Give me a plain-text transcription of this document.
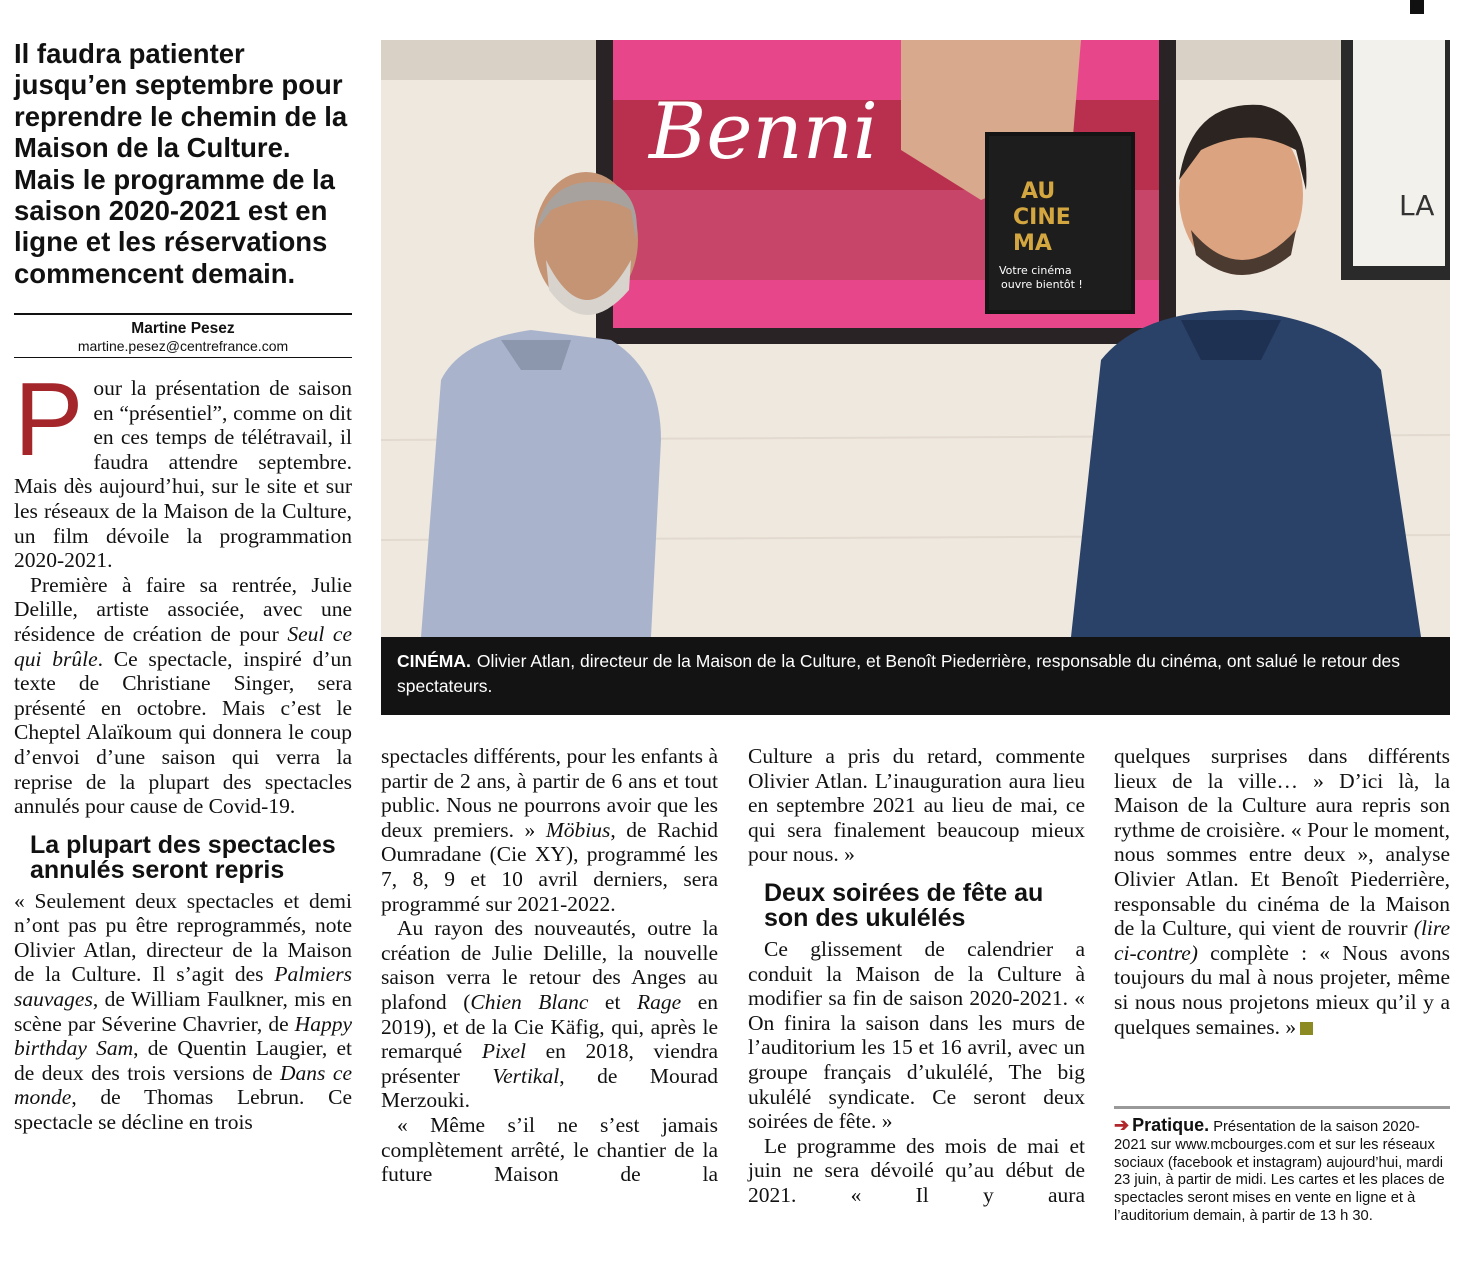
Il faudra patienter jusqu’en septembre pour reprendre le chemin de la Maison de la Culture. Mais le programme de la saison 2020-2021 est en ligne et les réservations commencent demain.

Martine Pesez
martine.pesez@centrefrance.com

Pour la présentation de saison en “présentiel”, comme on dit en ces temps de télétravail, il faudra attendre septembre. Mais dès aujourd’hui, sur le site et sur les réseaux de la Maison de la Culture, un film dévoile la programmation 2020-2021.

Première à faire sa rentrée, Julie Delille, artiste associée, avec une résidence de création de pour Seul ce qui brûle. Ce spectacle, inspiré d’un texte de Christiane Singer, sera présenté en octobre. Mais c’est le Cheptel Alaïkoum qui donnera le coup d’envoi d’une saison qui verra la reprise de la plupart des spectacles annulés pour cause de Covid-19.

La plupart des spectacles annulés seront repris

« Seulement deux spectacles et demi n’ont pas pu être reprogrammés, note Olivier Atlan, directeur de la Maison de la Culture. Il s’agit des Palmiers sauvages, de William Faulkner, mis en scène par Séverine Chavrier, de Happy birthday Sam, de Quentin Laugier, et de deux des trois versions de Dans ce monde, de Thomas Lebrun. Ce spectacle se décline en trois

Benni
AU
CINE
MA
Votre cinéma
ouvre bientôt !
LA
CINÉMA. Olivier Atlan, directeur de la Maison de la Culture, et Benoît Piederrière, responsable du cinéma, ont salué le retour des spectateurs.

spectacles différents, pour les enfants à partir de 2 ans, à partir de 6 ans et tout public. Nous ne pourrons avoir que les deux premiers. » Möbius, de Rachid Oumradane (Cie XY), programmé les 7, 8, 9 et 10 avril derniers, sera programmé sur 2021-2022.

Au rayon des nouveautés, outre la création de Julie Delille, la nouvelle saison verra le retour des Anges au plafond (Chien Blanc et Rage en 2019), et de la Cie Käfig, qui, après le remarqué Pixel en 2018, viendra présenter Vertikal, de Mourad Merzouki.

« Même s’il ne s’est jamais complètement arrêté, le chantier de la future Maison de la

Culture a pris du retard, commente Olivier Atlan. L’inauguration aura lieu en septembre 2021 au lieu de mai, ce qui sera finalement beaucoup mieux pour nous. »

Deux soirées de fête au son des ukulélés

Ce glissement de calendrier a conduit la Maison de la Culture à modifier sa fin de saison 2020-2021. « On finira la saison dans les murs de l’auditorium les 15 et 16 avril, avec un groupe français d’ukulélé, The big ukulélé syndicate. Ce seront deux soirées de fête. »

Le programme des mois de mai et juin ne sera dévoilé qu’au début de 2021. « Il y aura

quelques surprises dans différents lieux de la ville… » D’ici là, la Maison de la Culture aura repris son rythme de croisière. « Pour le moment, nous sommes entre deux », analyse Olivier Atlan. Et Benoît Piederrière, responsable du cinéma de la Maison de la Culture, qui vient de rouvrir (lire ci-contre) complète : « Nous avons toujours du mal à nous projeter, même si nous nous projetons mieux qu’il y a quelques semaines. »

➔ Pratique. Présentation de la saison 2020-2021 sur www.mcbourges.com et sur les réseaux sociaux (facebook et instagram) aujourd’hui, mardi 23 juin, à partir de midi. Les cartes et les places de spectacles seront mises en vente en ligne et à l’auditorium demain, à partir de 13 h 30.
